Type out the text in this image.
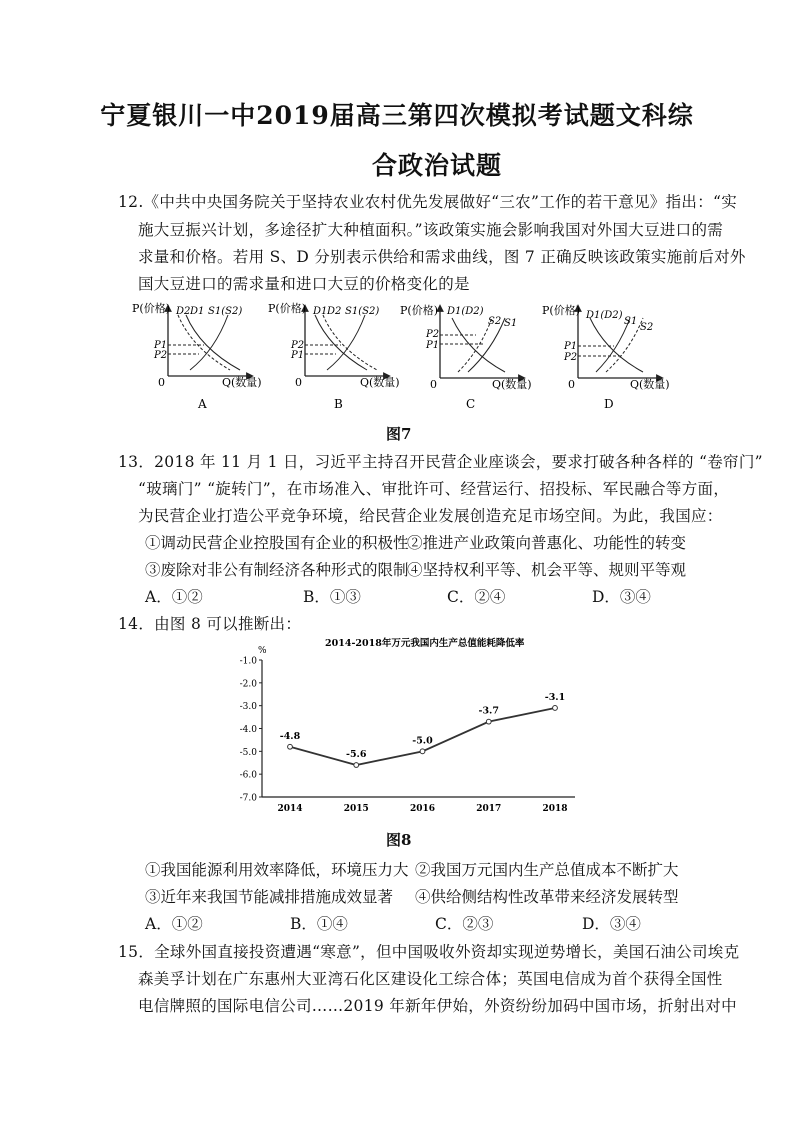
宁夏银川一中2019届高三第四次模拟考试题文科综
合政治试题
12.《中共中央国务院关于坚持农业农村优先发展做好“三农”工作的若干意见》指出：“实
施大豆振兴计划，多途径扩大种植面积。”该政策实施会影响我国对外国大豆进口的需
求量和价格。若用 S、D 分别表示供给和需求曲线，图 7 正确反映该政策实施前后对外
国大豆进口的需求量和进口大豆的价格变化的是
P(价格)
Q(数量)
0
D2 D1 S1(S2)
P1
P2
A
P(价格)
Q(数量)
0
D1 D2 S1(S2)
P2
P1
B
P(价格)
Q(数量)
0
D1(D2)
S2 S1
P2
P1
C
P(价格)
Q(数量)
0
D1(D2)
S1
S2
P1
P2
D
图7
13．2018 年 11 月 1 日，习近平主持召开民营企业座谈会，要求打破各种各样的 “卷帘门”
“玻璃门” “旋转门”，在市场准入、审批许可、经营运行、招投标、军民融合等方面，
为民营企业打造公平竞争环境，给民营企业发展创造充足市场空间。为此，我国应：
①调动民营企业控股国有企业的积极性
②推进产业政策向普惠化、功能性的转变
③废除对非公有制经济各种形式的限制
④坚持权利平等、机会平等、规则平等观
A．①②	B．①③	C．②④	D．③④
14．由图 8 可以推断出：
2014-2018年万元我国内生产总值能耗降低率
%
-1.0
-2.0
-3.0
-4.0
-5.0
-6.0
-7.0
2014	2015	2016	2017	2018
-4.8
-5.6
-5.0
-3.7
-3.1
图8
①我国能源利用效率降低，环境压力大 ②我国万元国内生产总值成本不断扩大
③近年来我国节能减排措施成效显著 ④供给侧结构性改革带来经济发展转型
A．①②	B．①④	C．②③	D．③④
15．全球外国直接投资遭遇“寒意”，但中国吸收外资却实现逆势增长，美国石油公司埃克
森美孚计划在广东惠州大亚湾石化区建设化工综合体；英国电信成为首个获得全国性
电信牌照的国际电信公司……2019 年新年伊始，外资纷纷加码中国市场，折射出对中
